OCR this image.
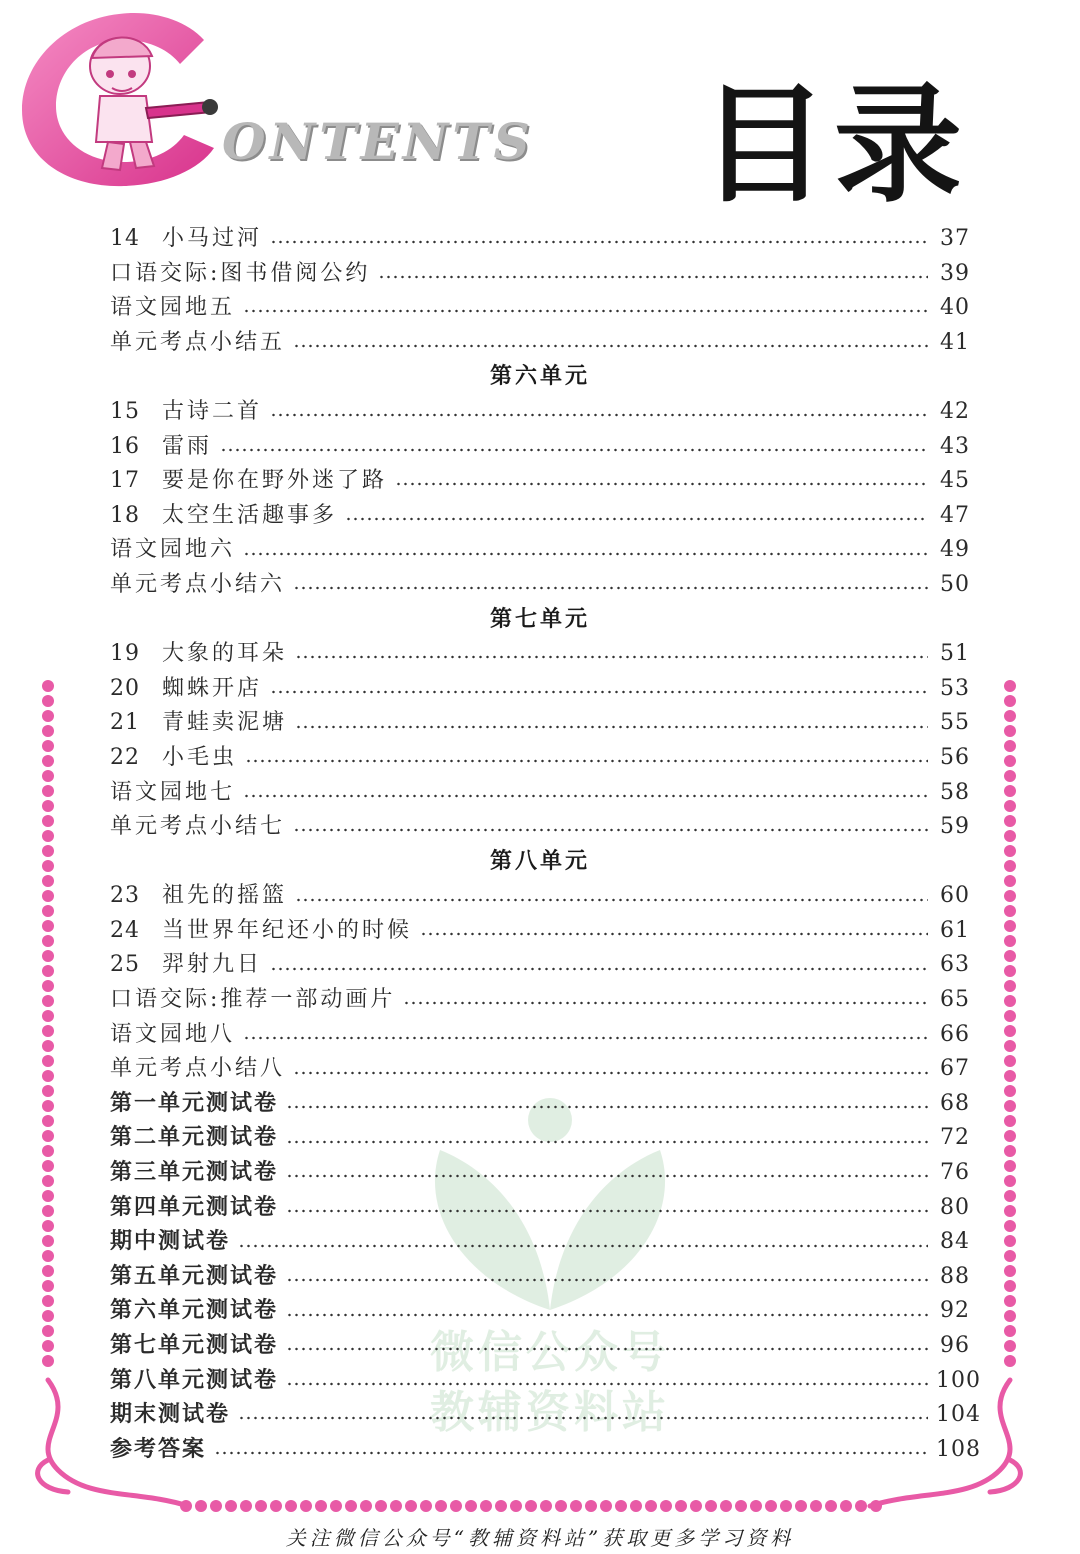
ONTENTS 目录
微信公众号
教辅资料站
14	小马过河	37
口语交际:图书借阅公约	39
语文园地五	40
单元考点小结五	41
第六单元
15	古诗二首	42
16	雷雨	43
17	要是你在野外迷了路	45
18	太空生活趣事多	47
语文园地六	49
单元考点小结六	50
第七单元
19	大象的耳朵	51
20	蜘蛛开店	53
21	青蛙卖泥塘	55
22	小毛虫	56
语文园地七	58
单元考点小结七	59
第八单元
23	祖先的摇篮	60
24	当世界年纪还小的时候	61
25	羿射九日	63
口语交际:推荐一部动画片	65
语文园地八	66
单元考点小结八	67
第一单元测试卷	68
第二单元测试卷	72
第三单元测试卷	76
第四单元测试卷	80
期中测试卷	84
第五单元测试卷	88
第六单元测试卷	92
第七单元测试卷	96
第八单元测试卷	100
期末测试卷	104
参考答案	108
关注微信公众号“教辅资料站”获取更多学习资料
